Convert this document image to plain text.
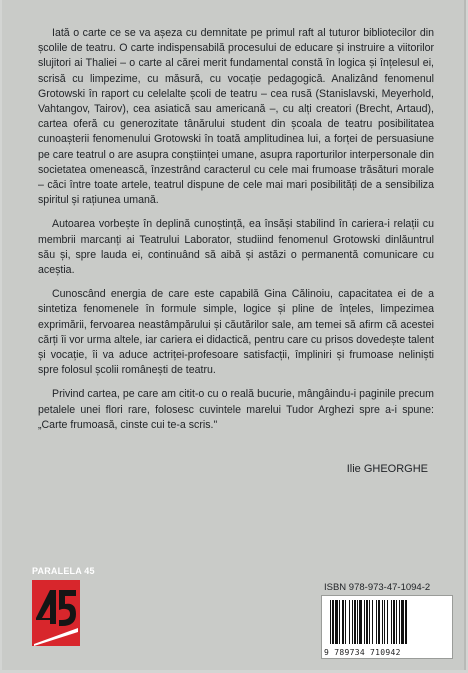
Iată o carte ce se va așeza cu demnitate pe primul raft al tuturor bibliotecilor din școlile de teatru. O carte indispensabilă procesului de educare și instruire a viitorilor slujitori ai Thaliei – o carte al cărei merit fundamental constă în logica și înțelesul ei, scrisă cu limpezime, cu măsură, cu vocație pedagogică. Analizând fenomenul Grotowski în raport cu celelalte școli de teatru – cea rusă (Stanislavski, Meyerhold, Vahtangov, Tairov), cea asiatică sau americană –, cu alți creatori (Brecht, Artaud), cartea oferă cu generozitate tânărului student din școala de teatru posibilitatea cunoașterii fenomenului Grotowski în toată amplitudinea lui, a forței de persuasiune pe care teatrul o are asupra conștiinței umane, asupra raporturilor interpersonale din societatea omenească, înzestrând caracterul cu cele mai frumoase trăsături morale – căci între toate artele, teatrul dispune de cele mai mari posibilități de a sensibiliza spiritul și rațiunea umană.

Autoarea vorbește în deplină cunoștință, ea însăși stabilind în cariera-i relații cu membrii marcanți ai Teatrului Laborator, studiind fenomenul Grotowski dinlăuntrul său și, spre lauda ei, continuând să aibă și astăzi o permanentă comunicare cu aceștia.

Cunoscând energia de care este capabilă Gina Călinoiu, capacitatea ei de a sintetiza fenomenele în formule simple, logice și pline de înțeles, limpezimea exprimării, fervoarea neastâmpărului și căutărilor sale, am temei să afirm că acestei cărți îi vor urma altele, iar cariera ei didactică, pentru care cu prisos dovedește talent și vocație, îi va aduce actriței-profesoare satisfacții, împliniri și frumoase neliniști spre folosul școlii românești de teatru.

Privind cartea, pe care am citit-o cu o reală bucurie, mângâindu-i paginile precum petalele unei flori rare, folosesc cuvintele marelui Tudor Arghezi spre a-i spune: „Carte frumoasă, cinste cui te-a scris."

Ilie GHEORGHE
PARALELA 45
ISBN 978-973-47-1094-2
9 789734 710942
